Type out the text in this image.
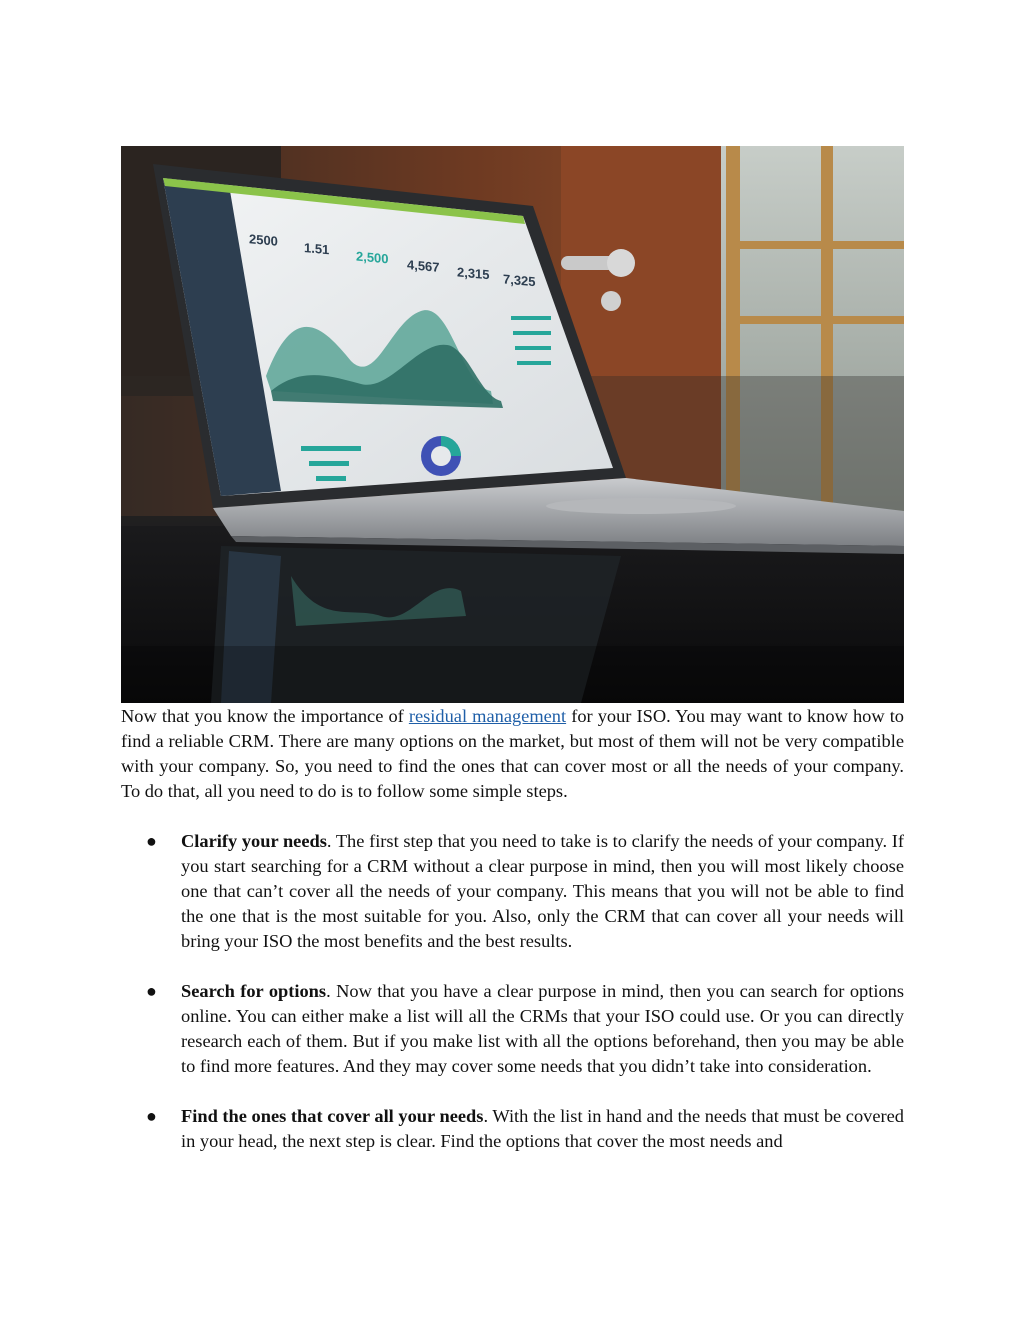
2500 1.51 2,500 4,567 2,315 7,325

Now that you know the importance of residual management for your ISO. You may want to know how to find a reliable CRM. There are many options on the market, but most of them will not be very compatible with your company. So, you need to find the ones that can cover most or all the needs of your company. To do that, all you need to do is to follow some simple steps.

● Clarify your needs. The first step that you need to take is to clarify the needs of your company. If you start searching for a CRM without a clear purpose in mind, then you will most likely choose one that can’t cover all the needs of your company. This means that you will not be able to find the one that is the most suitable for you. Also, only the CRM that can cover all your needs will bring your ISO the most benefits and the best results.
● Search for options. Now that you have a clear purpose in mind, then you can search for options online. You can either make a list will all the CRMs that your ISO could use. Or you can directly research each of them. But if you make list with all the options beforehand, then you may be able to find more features. And they may cover some needs that you didn’t take into consideration.
● Find the ones that cover all your needs. With the list in hand and the needs that must be covered in your head, the next step is clear. Find the options that cover the most needs and
